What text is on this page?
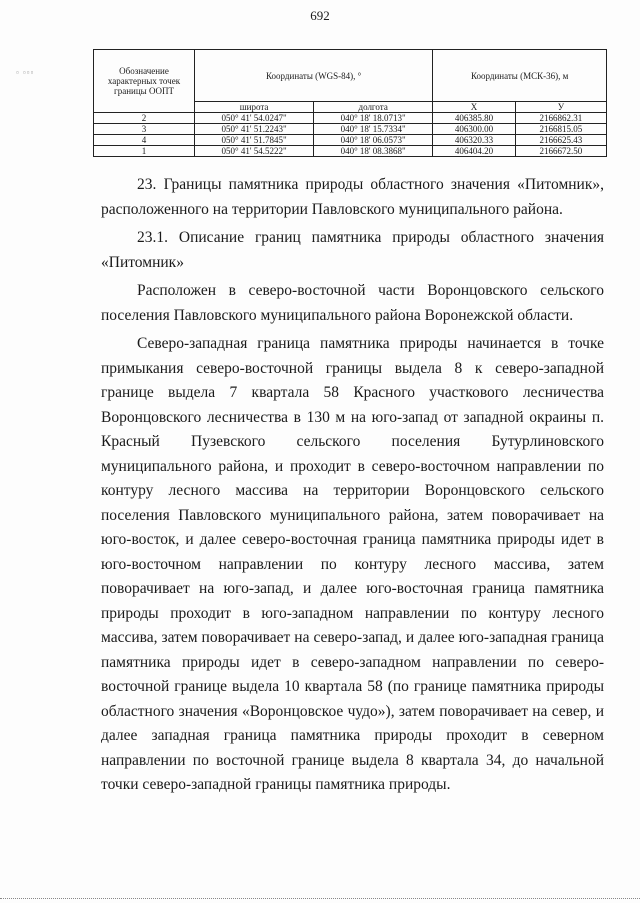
692
▫ ▫▫▫	Обозначение характерных точек границы ООПТ	Координаты (WGS-84), °		Координаты (МСК-36), м	
	широта	долгота	X	У
2	050° 41' 54.0247"	040° 18' 18.0713"	406385.80	2166862.31
3	050° 41' 51.2243"	040° 18' 15.7334"	406300.00	2166815.05
4	050° 41' 51.7845"	040° 18' 06.0573"	406320.33	2166625.43
1	050° 41' 54.5222"	040° 18' 08.3868"	406404.20	2166672.50

23. Границы памятника природы областного значения «Питомник», расположенного на территории Павловского муниципального района.

23.1. Описание границ памятника природы областного значения «Питомник»

Расположен в северо-восточной части Воронцовского сельского поселения Павловского муниципального района Воронежской области.

Северо-западная граница памятника природы начинается в точке примыкания северо-восточной границы выдела 8 к северо-западной границе выдела 7 квартала 58 Красного участкового лесничества Воронцовского лесничества в 130 м на юго-запад от западной окраины п. Красный Пузевского сельского поселения Бутурлиновского муниципального района, и проходит в северо-восточном направлении по контуру лесного массива на территории Воронцовского сельского поселения Павловского муниципального района, затем поворачивает на юго-восток, и далее северо-восточная граница памятника природы идет в юго-восточном направлении по контуру лесного массива, затем поворачивает на юго-запад, и далее юго-восточная граница памятника природы проходит в юго-западном направлении по контуру лесного массива, затем поворачивает на северо-запад, и далее юго-западная граница памятника природы идет в северо-западном направлении по северо-восточной границе выдела 10 квартала 58 (по границе памятника природы областного значения «Воронцовское чудо»), затем поворачивает на север, и далее западная граница памятника природы проходит в северном направлении по восточной границе выдела 8 квартала 34, до начальной точки северо-западной границы памятника природы.
